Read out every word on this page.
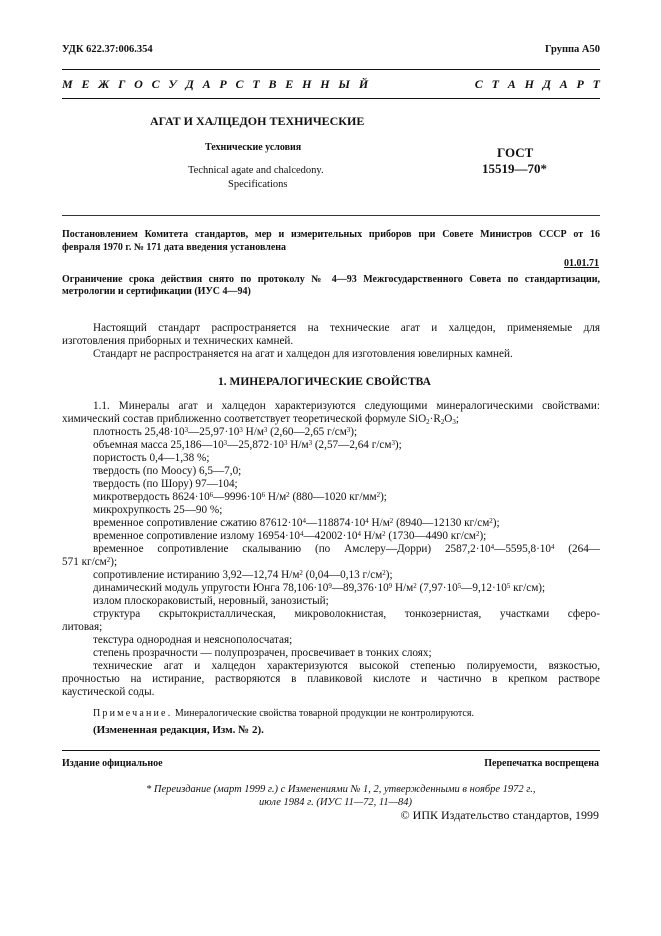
УДК 622.37:006.354	Группа А50
М Е Ж Г О С У Д А Р С Т В Е Н Н Ы Й	С Т А Н Д А Р Т
АГАТ И ХАЛЦЕДОН ТЕХНИЧЕСКИЕ
Технические условия
Technical agate and chalcedony.
Specifications
ГОСТ
15519—70*
Постановлением Комитета стандартов, мер и измерительных приборов при Совете Министров СССР от 16
февраля 1970 г. № 171 дата введения установлена
01.01.71
Ограничение срока действия снято по протоколу № 4—93 Межгосударственного Совета по стандартизации,
метрологии и сертификации (ИУС 4—94)
Настоящий стандарт распространяется на технические агат и халцедон, применяемые для
изготовления приборных и технических камней.
Стандарт не распространяется на агат и халцедон для изготовления ювелирных камней.
1. МИНЕРАЛОГИЧЕСКИЕ СВОЙСТВА
1.1. Минералы агат и халцедон характеризуются следующими минералогическими свойствами:
химический состав приближенно соответствует теоретической формуле $SiO_2\cdot R_2O_3$;
плотность $25,48\cdot 10^3—25,97\cdot 10^3$ $Н/м^3$ (2,60—2,65 $г/см^3$);
объемная масса $25,186—10^3—25,872\cdot 10^3$ $Н/м^3$ (2,57—2,64 $г/см^3$);
пористость 0,4—1,38 %;
твердость (по Моосу) 6,5—7,0;
твердость (по Шору) 97—104;
микротвердость $8624\cdot 10^6—9996\cdot 10^6$ $Н/м^2$ (880—1020 $кг/мм^2$);
микрохрупкость 25—90 %;
временное сопротивление сжатию $87612\cdot 10^4—118874\cdot 10^4$ $Н/м^2$ (8940—12130 $кг/см^2$);
временное сопротивление излому $16954\cdot 10^4—42002\cdot 10^4$ $Н/м^2$ (1730—4490 $кг/см^2$);
временное сопротивление скалыванию (по Амслеру—Дорри) $2587,2\cdot 10^4—5595,8\cdot 10^4$ (264—
571 $кг/см^2$);
сопротивление истиранию 3,92—12,74 $Н/м^2$ (0,04—0,13 $г/см^2$);
динамический модуль упругости Юнга $78,106\cdot 10^9—89,376\cdot 10^9$ $Н/м^2$ ($7,97\cdot 10^5—9,12\cdot 10^5$ кг/см);
излом плоскораковистый, неровный, занозистый;
структура скрытокристаллическая, микроволокнистая, тонкозернистая, участками сферо-
литовая;
текстура однородная и неяснополосчатая;
степень прозрачности — полупрозрачен, просвечивает в тонких слоях;
технические агат и халцедон характеризуются высокой степенью полируемости, вязкостью,
прочностью на истирание, растворяются в плавиковой кислоте и частично в крепком растворе
каустической соды.
Примечание. Минералогические свойства товарной продукции не контролируются.
(Измененная редакция, Изм. № 2).
Издание официальное	Перепечатка воспрещена
* Переиздание (март 1999 г.) с Изменениями № 1, 2, утвержденными в ноябре 1972 г.,
июле 1984 г. (ИУС 11—72, 11—84)
© ИПК Издательство стандартов, 1999
